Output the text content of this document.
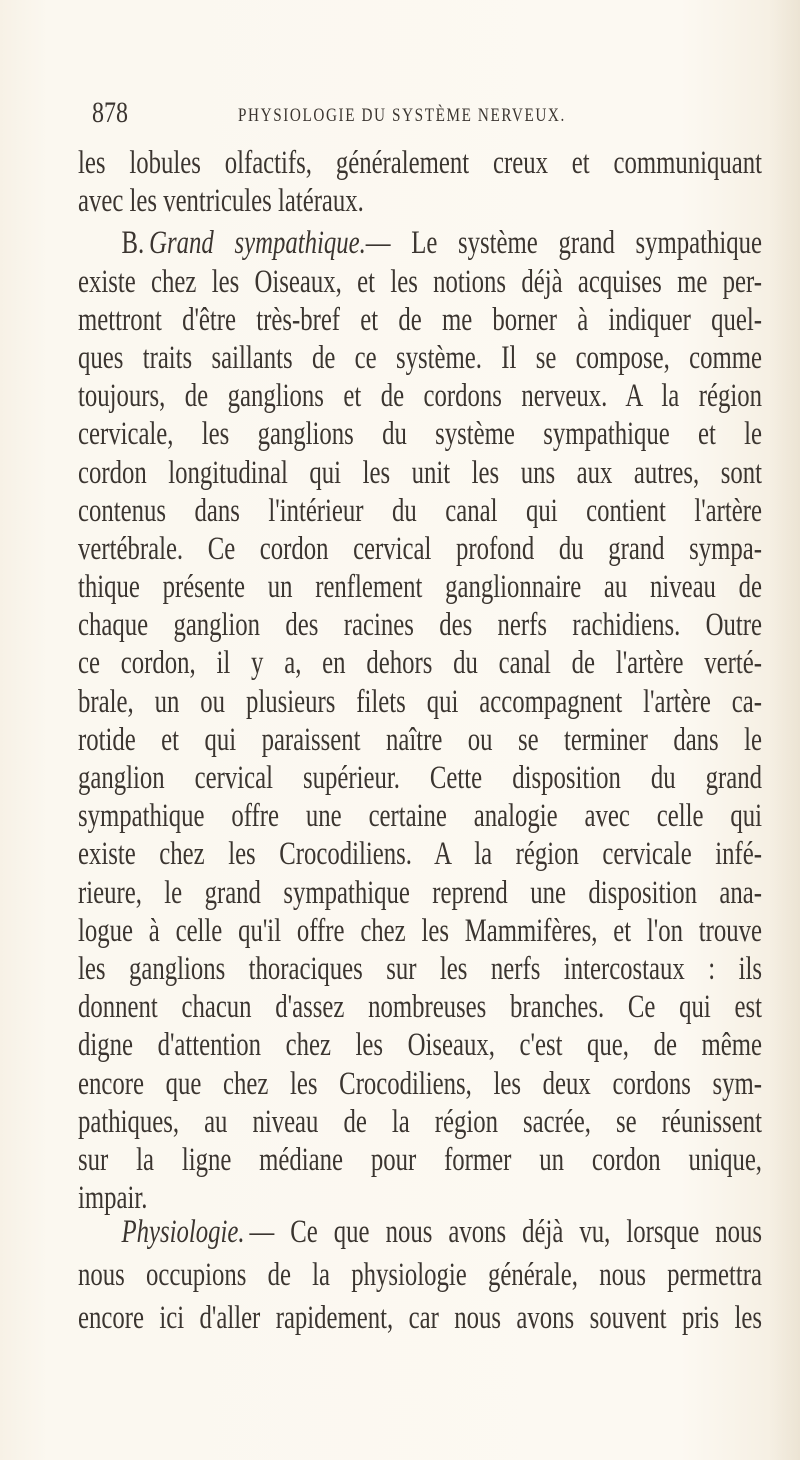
878	PHYSIOLOGIE DU SYSTÈME NERVEUX.
les lobules olfactifs, généralement creux et communiquant
avec les ventricules latéraux.
B.  Grand sympathique.— Le système grand sympathique
existe chez les Oiseaux, et les notions déjà acquises me per-
mettront d'être très-bref et de me borner à indiquer quel-
ques traits saillants de ce système. Il se compose, comme
toujours, de ganglions et de cordons nerveux. A la région
cervicale, les ganglions du système sympathique et le
cordon longitudinal qui les unit les uns aux autres, sont
contenus dans l'intérieur du canal qui contient l'artère
vertébrale. Ce cordon cervical profond du grand sympa-
thique présente un renflement ganglionnaire au niveau de
chaque ganglion des racines des nerfs rachidiens. Outre
ce cordon, il y a, en dehors du canal de l'artère verté-
brale, un ou plusieurs filets qui accompagnent l'artère ca-
rotide et qui paraissent naître ou se terminer dans le
ganglion cervical supérieur. Cette disposition du grand
sympathique offre une certaine analogie avec celle qui
existe chez les Crocodiliens. A la région cervicale infé-
rieure, le grand sympathique reprend une disposition ana-
logue à celle qu'il offre chez les Mammifères, et l'on trouve
les ganglions thoraciques sur les nerfs intercostaux : ils
donnent chacun d'assez nombreuses branches. Ce qui est
digne d'attention chez les Oiseaux, c'est que, de même
encore que chez les Crocodiliens, les deux cordons sym-
pathiques, au niveau de la région sacrée, se réunissent
sur la ligne médiane pour former un cordon unique,
impair.
Physiologie.  — Ce que nous avons déjà vu, lorsque nous
nous occupions de la physiologie générale, nous permettra
encore ici d'aller rapidement, car nous avons souvent pris les
